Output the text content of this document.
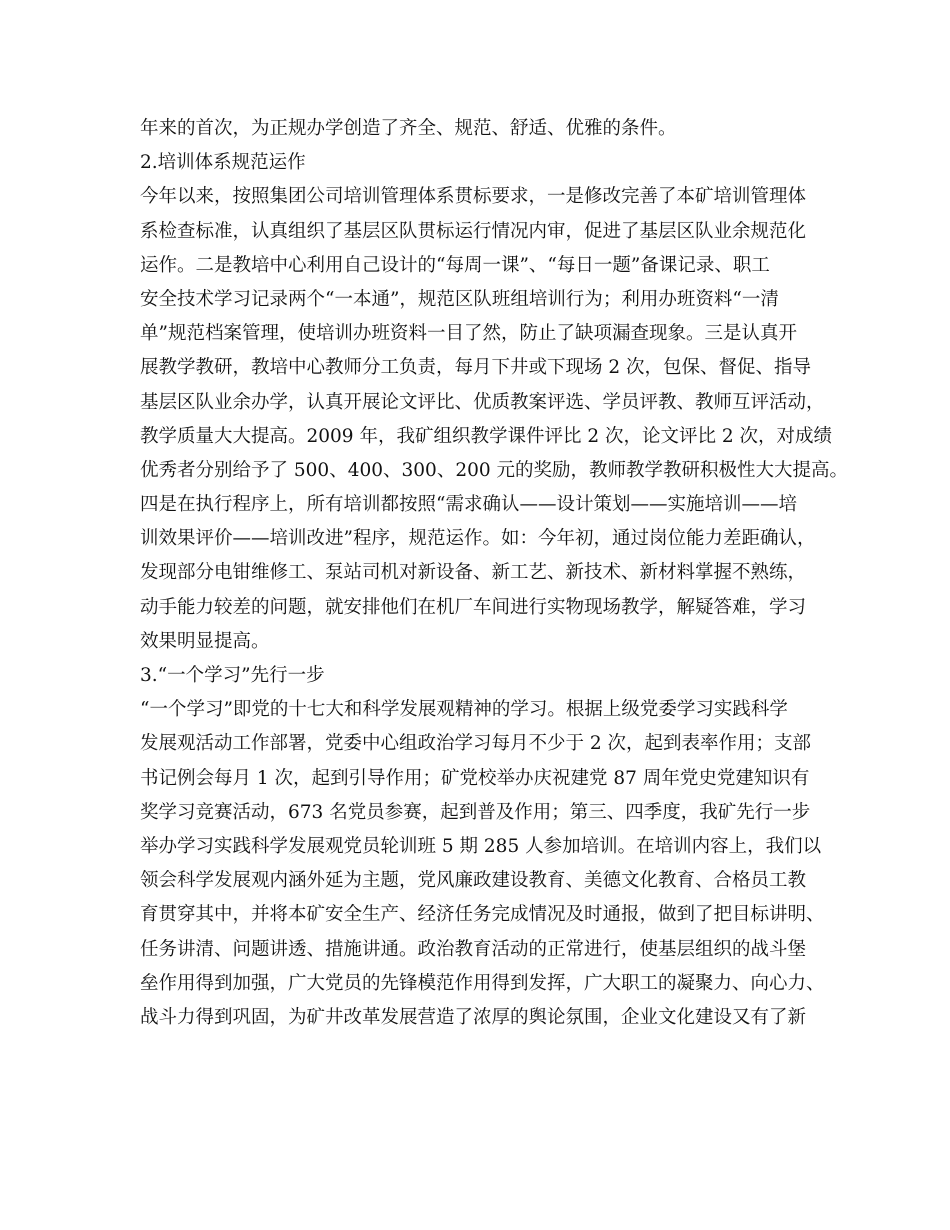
年来的首次，为正规办学创造了齐全、规范、舒适、优雅的条件。
2.培训体系规范运作
今年以来，按照集团公司培训管理体系贯标要求，一是修改完善了本矿培训管理体
系检查标准，认真组织了基层区队贯标运行情况内审，促进了基层区队业余规范化
运作。二是教培中心利用自己设计的“每周一课”、“每日一题”备课记录、职工
安全技术学习记录两个“一本通”，规范区队班组培训行为；利用办班资料“一清
单”规范档案管理，使培训办班资料一目了然，防止了缺项漏查现象。三是认真开
展教学教研，教培中心教师分工负责，每月下井或下现场 2 次，包保、督促、指导
基层区队业余办学，认真开展论文评比、优质教案评选、学员评教、教师互评活动，
教学质量大大提高。2009 年，我矿组织教学课件评比 2 次，论文评比 2 次，对成绩
优秀者分别给予了 500、400、300、200 元的奖励，教师教学教研积极性大大提高。
四是在执行程序上，所有培训都按照“需求确认——设计策划——实施培训——培
训效果评价——培训改进”程序，规范运作。如：今年初，通过岗位能力差距确认，
发现部分电钳维修工、泵站司机对新设备、新工艺、新技术、新材料掌握不熟练，
动手能力较差的问题，就安排他们在机厂车间进行实物现场教学，解疑答难，学习
效果明显提高。
3.“一个学习”先行一步
“一个学习”即党的十七大和科学发展观精神的学习。根据上级党委学习实践科学
发展观活动工作部署，党委中心组政治学习每月不少于 2 次，起到表率作用；支部
书记例会每月 1 次，起到引导作用；矿党校举办庆祝建党 87 周年党史党建知识有
奖学习竞赛活动，673 名党员参赛，起到普及作用；第三、四季度，我矿先行一步
举办学习实践科学发展观党员轮训班 5 期 285 人参加培训。在培训内容上，我们以
领会科学发展观内涵外延为主题，党风廉政建设教育、美德文化教育、合格员工教
育贯穿其中，并将本矿安全生产、经济任务完成情况及时通报，做到了把目标讲明、
任务讲清、问题讲透、措施讲通。政治教育活动的正常进行，使基层组织的战斗堡
垒作用得到加强，广大党员的先锋模范作用得到发挥，广大职工的凝聚力、向心力、
战斗力得到巩固，为矿井改革发展营造了浓厚的舆论氛围，企业文化建设又有了新
